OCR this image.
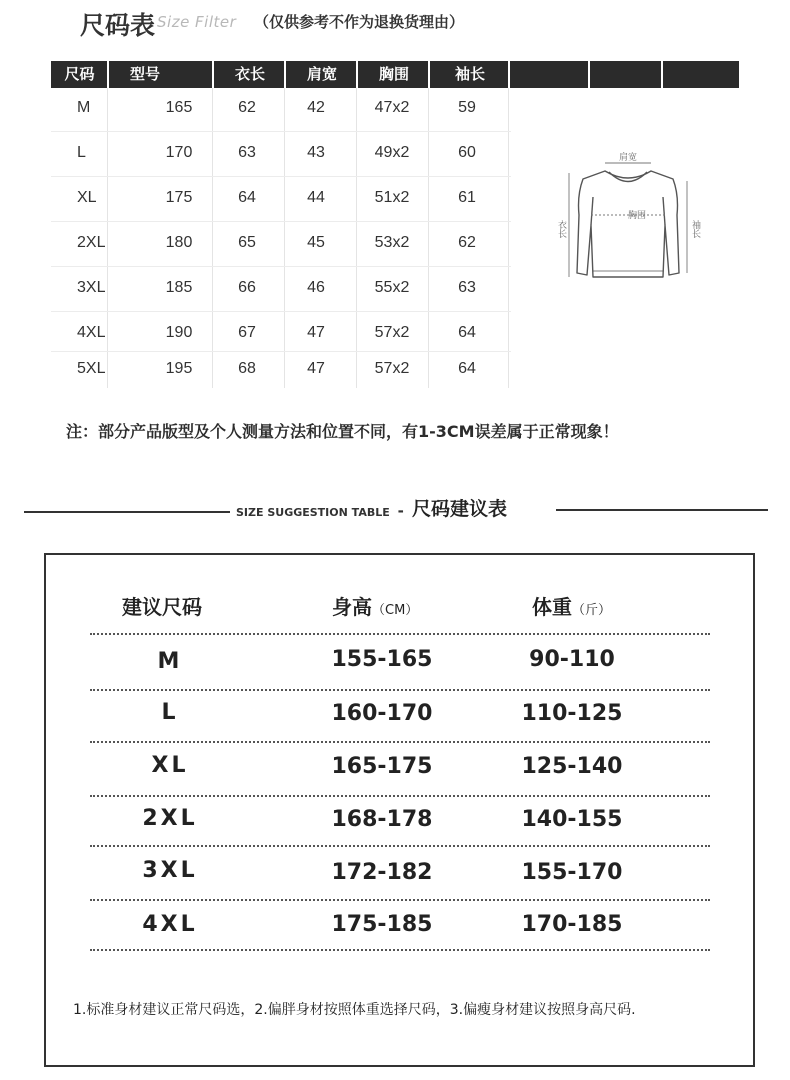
尺码表 Size Filter （仅供参考不作为退换货理由）
尺码	型号	衣长	肩宽	胸围	袖长
M	165	62	42	47x2	59
L	170	63	43	49x2	60
XL	175	64	44	51x2	61
2XL	180	65	45	53x2	62
3XL	185	66	46	55x2	63
4XL	190	67	47	57x2	64
5XL	195	68	47	57x2	64
肩宽
胸围
衣长	袖长
注：部分产品版型及个人测量方法和位置不同，有1-3CM误差属于正常现象！
SIZE SUGGESTION TABLE - 尺码建议表
建议尺码	身高（CM）	体重（斤）
M	155-165	90-110
L	160-170	110-125
XL	165-175	125-140
2XL	168-178	140-155
3XL	172-182	155-170
4XL	175-185	170-185
1.标准身材建议正常尺码选，2.偏胖身材按照体重选择尺码，3.偏瘦身材建议按照身高尺码.
